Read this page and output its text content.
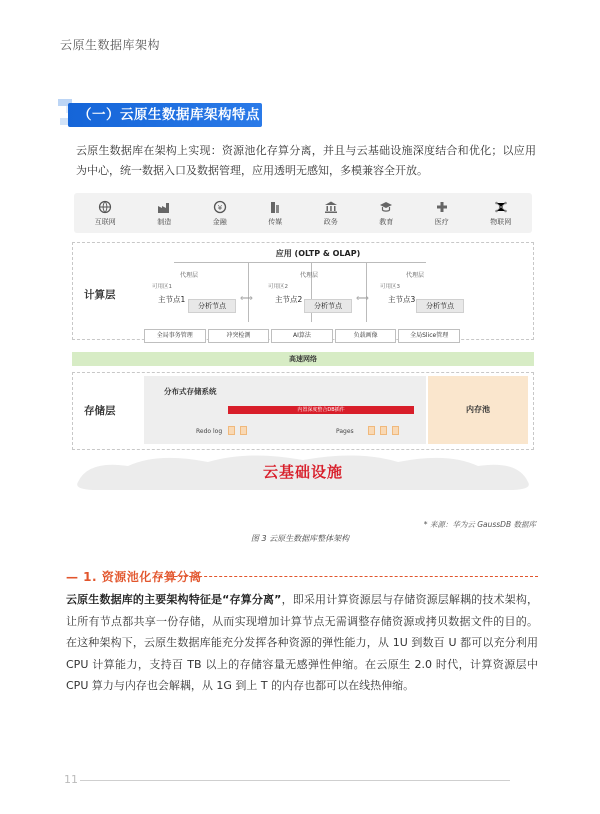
云原生数据库架构
（一）云原生数据库架构特点

云原生数据库在架构上实现：资源池化存算分离，并且与云基础设施深度结合和优化；以应用为中心，统一数据入口及数据管理，应用透明无感知，多模兼容全开放。

互联网	制造
¥
金融	传媒	政务	教育	医疗	物联网
计算层
应用 (OLTP & OLAP)
代理层
可用区1
主节点1
分析节点
⟺
代理层
可用区2
主节点2
分析节点
⟺
代理层
可用区3
主节点3
分析节点
全局事务管理	冲突检测	AI算法	负载画像	全局Slice管理
高速网络
存储层
分布式存储系统
内置深度整合DB插件
Redo log	Pages
内存池
云基础设施
* 来源：华为云 GaussDB 数据库
图 3 云原生数据库整体架构
— 1. 资源池化存算分离

云原生数据库的主要架构特征是“存算分离”，即采用计算资源层与存储资源层解耦的技术架构，让所有节点都共享一份存储，从而实现增加计算节点无需调整存储资源或拷贝数据文件的目的。在这种架构下，云原生数据库能充分发挥各种资源的弹性能力，从 1U 到数百 U 都可以充分利用 CPU 计算能力，支持百 TB 以上的存储容量无感弹性伸缩。在云原生 2.0 时代，计算资源层中 CPU 算力与内存也会解耦，从 1G 到上 T 的内存也都可以在线热伸缩。

11
